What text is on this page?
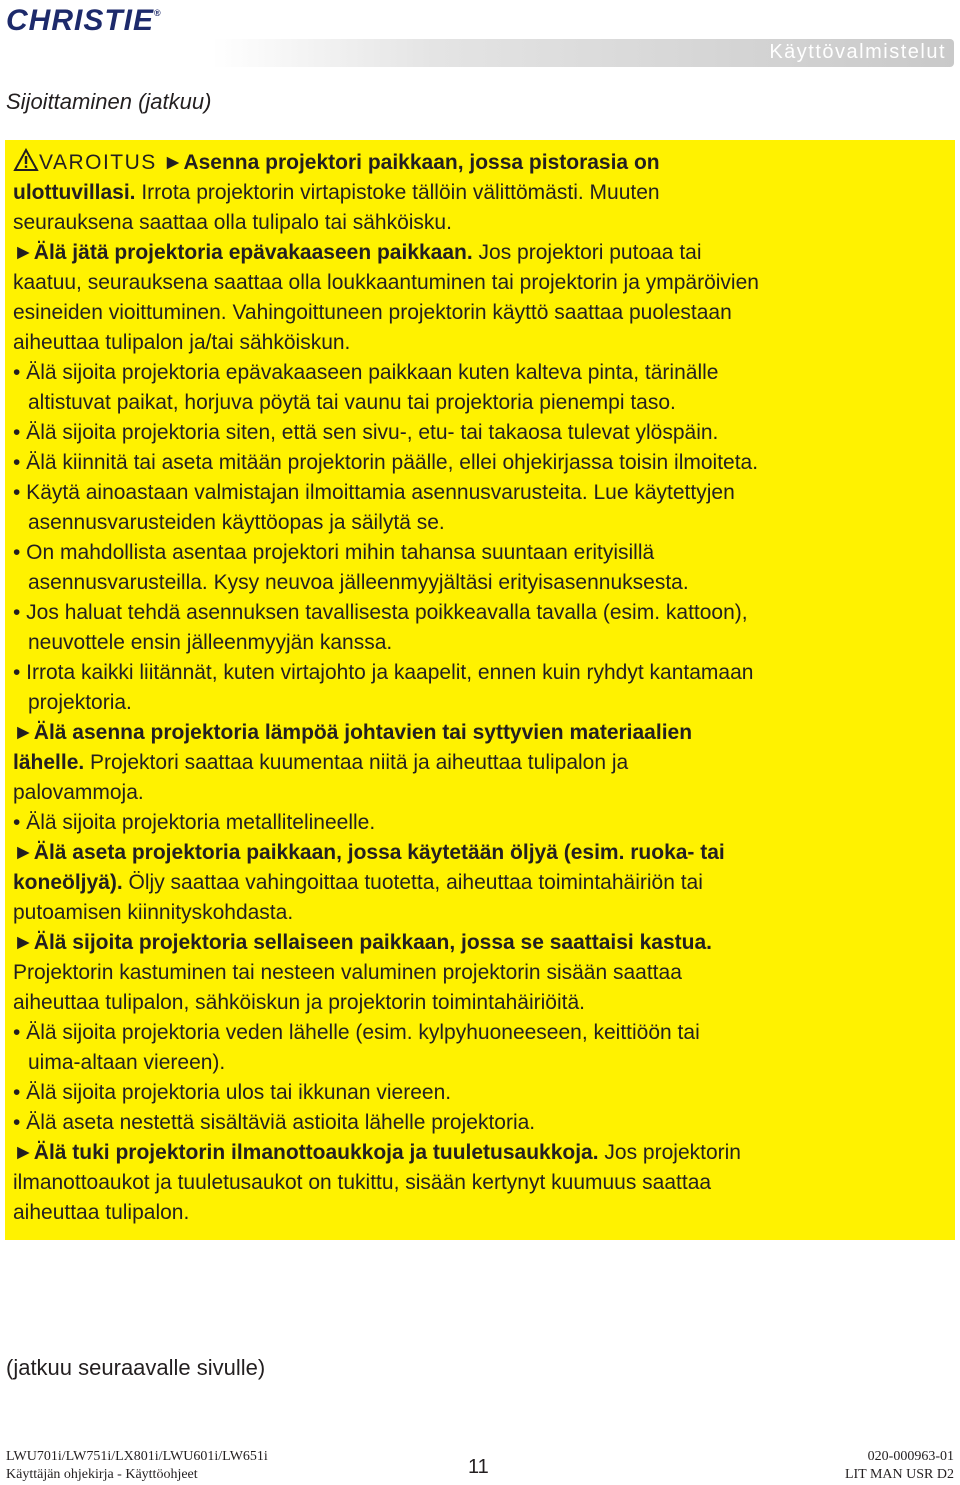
CHRISTIE®
Käyttövalmistelut
Sijoittaminen (jatkuu)

VAROITUS ►Asenna projektori paikkaan, jossa pistorasia on

ulottuvillasi. Irrota projektorin virtapistoke tällöin välittömästi. Muuten

seurauksena saattaa olla tulipalo tai sähköisku.

►Älä jätä projektoria epävakaaseen paikkaan. Jos projektori putoaa tai

kaatuu, seurauksena saattaa olla loukkaantuminen tai projektorin ja ympäröivien

esineiden vioittuminen. Vahingoittuneen projektorin käyttö saattaa puolestaan

aiheuttaa tulipalon ja/tai sähköiskun.

• Älä sijoita projektoria epävakaaseen paikkaan kuten kalteva pinta, tärinälle

altistuvat paikat, horjuva pöytä tai vaunu tai projektoria pienempi taso.

• Älä sijoita projektoria siten, että sen sivu-, etu- tai takaosa tulevat ylöspäin.

• Älä kiinnitä tai aseta mitään projektorin päälle, ellei ohjekirjassa toisin ilmoiteta.

• Käytä ainoastaan valmistajan ilmoittamia asennusvarusteita. Lue käytettyjen

asennusvarusteiden käyttöopas ja säilytä se.

• On mahdollista asentaa projektori mihin tahansa suuntaan erityisillä

asennusvarusteilla. Kysy neuvoa jälleenmyyjältäsi erityisasennuksesta.

• Jos haluat tehdä asennuksen tavallisesta poikkeavalla tavalla (esim. kattoon),

neuvottele ensin jälleenmyyjän kanssa.

• Irrota kaikki liitännät, kuten virtajohto ja kaapelit, ennen kuin ryhdyt kantamaan

projektoria.

►Älä asenna projektoria lämpöä johtavien tai syttyvien materiaalien

lähelle. Projektori saattaa kuumentaa niitä ja aiheuttaa tulipalon ja

palovammoja.

• Älä sijoita projektoria metallitelineelle.

►Älä aseta projektoria paikkaan, jossa käytetään öljyä (esim. ruoka- tai

koneöljyä). Öljy saattaa vahingoittaa tuotetta, aiheuttaa toimintahäiriön tai

putoamisen kiinnityskohdasta.

►Älä sijoita projektoria sellaiseen paikkaan, jossa se saattaisi kastua.

Projektorin kastuminen tai nesteen valuminen projektorin sisään saattaa

aiheuttaa tulipalon, sähköiskun ja projektorin toimintahäiriöitä.

• Älä sijoita projektoria veden lähelle (esim. kylpyhuoneeseen, keittiöön tai

uima-altaan viereen).

• Älä sijoita projektoria ulos tai ikkunan viereen.

• Älä aseta nestettä sisältäviä astioita lähelle projektoria.

►Älä tuki projektorin ilmanottoaukkoja ja tuuletusaukkoja. Jos projektorin

ilmanottoaukot ja tuuletusaukot on tukittu, sisään kertynyt kuumuus saattaa

aiheuttaa tulipalon.

(jatkuu seuraavalle sivulle)
LWU701i/LW751i/LX801i/LWU601i/LW651i
Käyttäjän ohjekirja - Käyttöohjeet	11	020-000963-01
LIT MAN USR D2
